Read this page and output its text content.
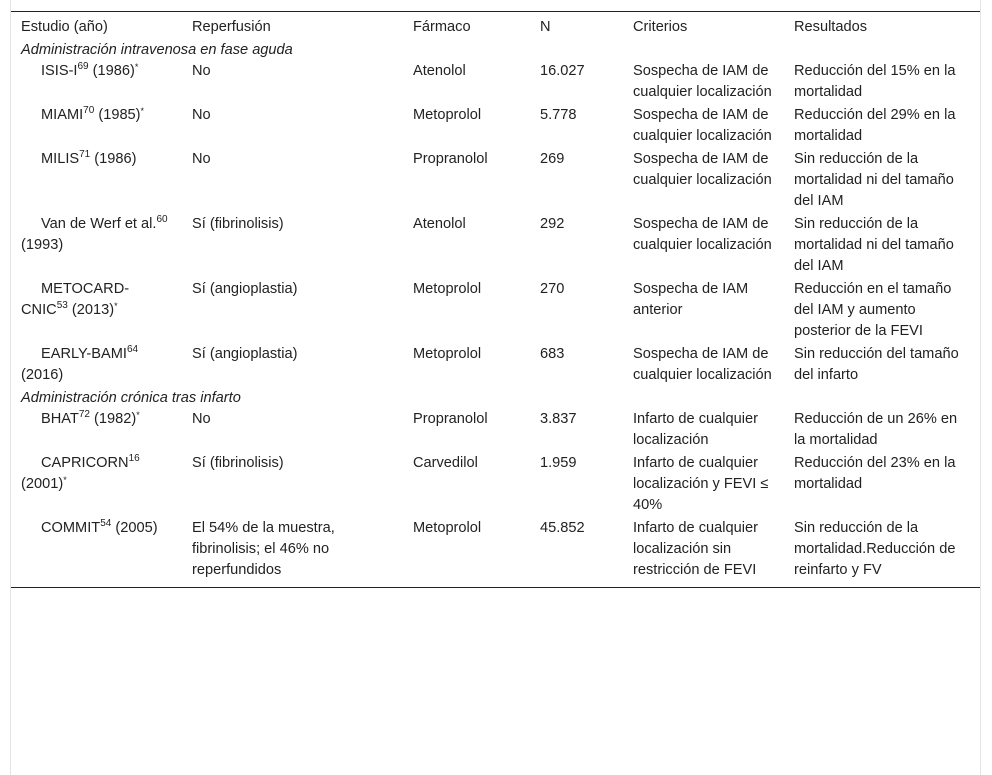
Estudio (año)	Reperfusión	Fármaco	N	Criterios	Resultados
Administración intravenosa en fase aguda					
ISIS-$I^{69}$ (1986)*	No	Atenolol	16.027	Sospecha de IAM de cualquier localización	Reducción del 15% en la mortalidad
MIAMI$^{70}$ (1985)*	No	Metoprolol	5.778	Sospecha de IAM de cualquier localización	Reducción del 29% en la mortalidad
MILIS$^{71}$ (1986)	No	Propranolol	269	Sospecha de IAM de cualquier localización	Sin reducción de la mortalidad ni del tamaño del IAM
Van de Werf et al.$^{60}$ (1993)	Sí (fibrinolisis)	Atenolol	292	Sospecha de IAM de cualquier localización	Sin reducción de la mortalidad ni del tamaño del IAM
METOCARD-CNIC$^{53}$ (2013)*	Sí (angioplastia)	Metoprolol	270	Sospecha de IAM anterior	Reducción en el tamaño del IAM y aumento posterior de la FEVI
EARLY-BAMI$^{64}$ (2016)	Sí (angioplastia)	Metoprolol	683	Sospecha de IAM de cualquier localización	Sin reducción del tamaño del infarto
Administración crónica tras infarto					
BHAT$^{72}$ (1982)*	No	Propranolol	3.837	Infarto de cualquier localización	Reducción de un 26% en la mortalidad
CAPRICORN$^{16}$ (2001)*	Sí (fibrinolisis)	Carvedilol	1.959	Infarto de cualquier localización y FEVI ≤ 40%	Reducción del 23% en la mortalidad
COMMIT$^{54}$ (2005)	El 54% de la muestra, fibrinolisis; el 46% no reperfundidos	Metoprolol	45.852	Infarto de cualquier localización sin restricción de FEVI	Sin reducción de la mortalidad.Reducción de reinfarto y FV
